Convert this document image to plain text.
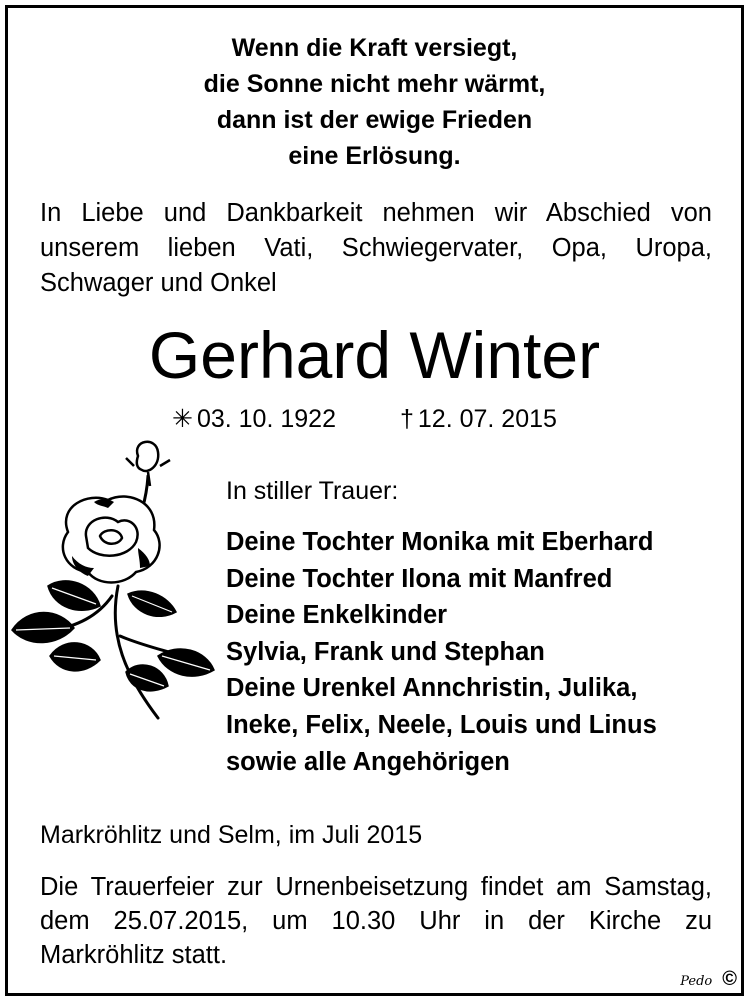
Wenn die Kraft versiegt,
die Sonne nicht mehr wärmt,
dann ist der ewige Frieden
eine Erlösung.
In Liebe und Dankbarkeit nehmen wir Abschied von
unserem lieben Vati, Schwiegervater, Opa, Uropa,
Schwager und Onkel
Gerhard Winter
✳ 03. 10. 1922	† 12. 07. 2015
In stiller Trauer:
Deine Tochter Monika mit Eberhard
Deine Tochter Ilona mit Manfred
Deine Enkelkinder
Sylvia, Frank und Stephan
Deine Urenkel Annchristin, Julika,
Ineke, Felix, Neele, Louis und Linus
sowie alle Angehörigen
Markröhlitz und Selm, im Juli 2015
Die Trauerfeier zur Urnenbeisetzung findet am Samstag,
dem 25.07.2015, um 10.30 Uhr in der Kirche zu
Markröhlitz statt.
Pedo ©
